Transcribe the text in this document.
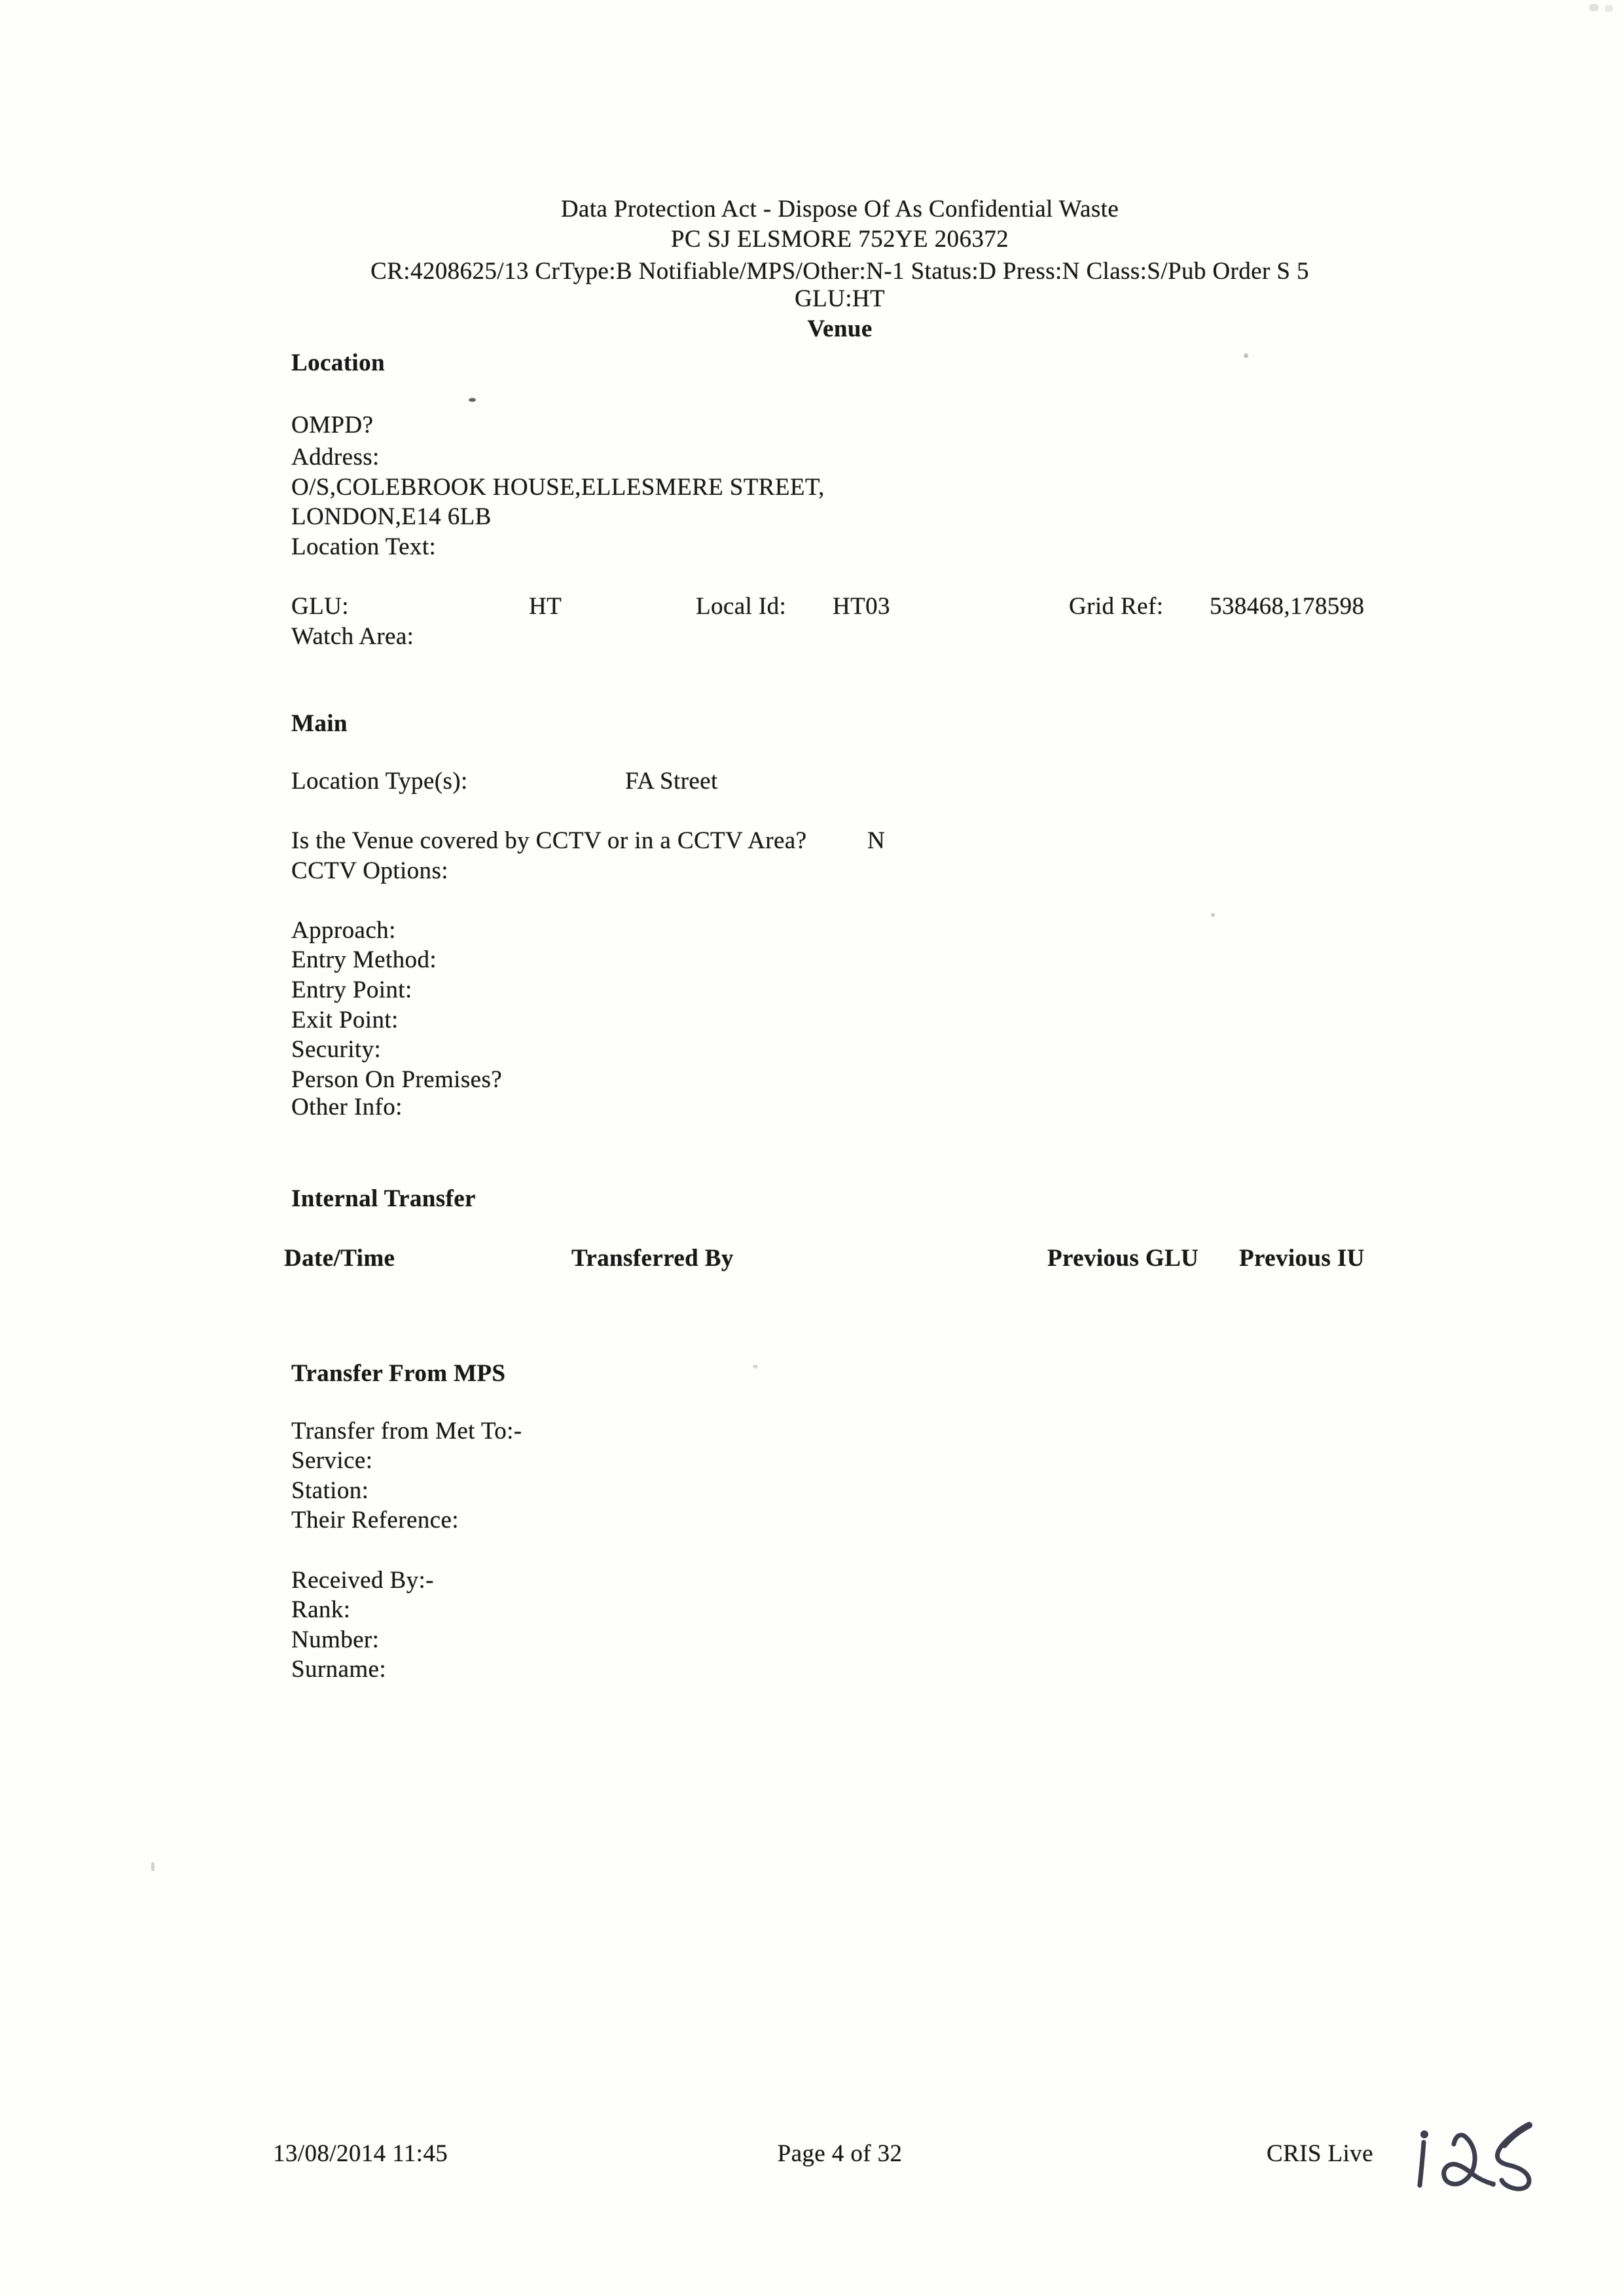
Data Protection Act - Dispose Of As Confidential Waste
PC SJ ELSMORE 752YE 206372
CR:4208625/13 CrType:B Notifiable/MPS/Other:N-1 Status:D Press:N Class:S/Pub Order S 5
GLU:HT
Venue
Location
OMPD?
Address:
O/S,COLEBROOK HOUSE,ELLESMERE STREET,
LONDON,E14 6LB
Location Text:
GLU:	HT	Local Id: HT03	Grid Ref: 538468,178598
Watch Area:
Main
Location Type(s):	FA Street
Is the Venue covered by CCTV or in a CCTV Area?	N
CCTV Options:
Approach:
Entry Method:
Entry Point:
Exit Point:
Security:
Person On Premises?
Other Info:
Internal Transfer
Date/Time	Transferred By	Previous GLU Previous IU
Transfer From MPS
Transfer from Met To:-
Service:
Station:
Their Reference:
Received By:-
Rank:
Number:
Surname:
13/08/2014 11:45	Page 4 of 32	CRIS Live
